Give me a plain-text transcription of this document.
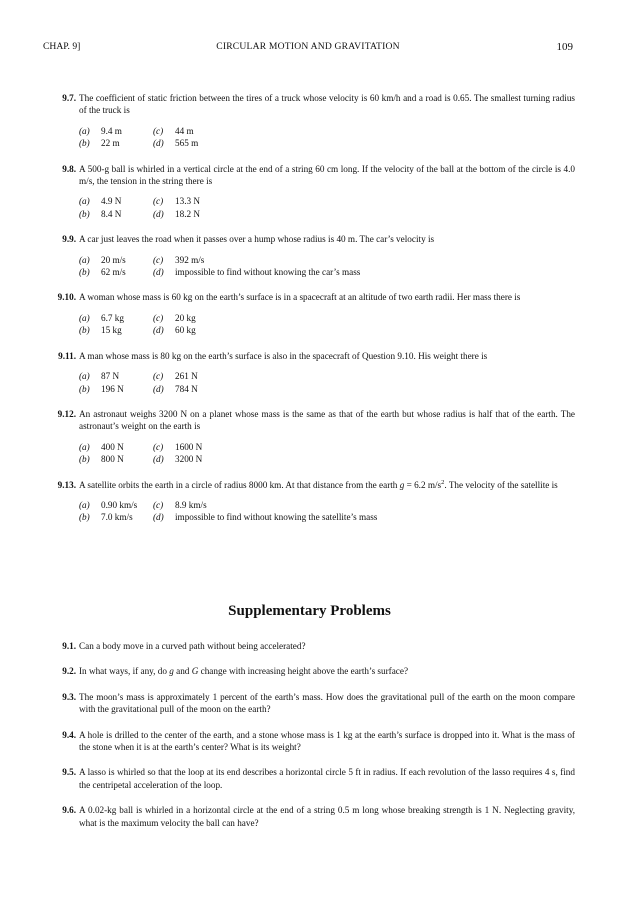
CHAP. 9]	CIRCULAR MOTION AND GRAVITATION	109
9.7. The coefficient of static friction between the tires of a truck whose velocity is 60 km/h and a road is 0.65. The smallest turning radius of the truck is
(a) 9.4 m	(c) 44 m
(b) 22 m	(d) 565 m
9.8. A 500-g ball is whirled in a vertical circle at the end of a string 60 cm long. If the velocity of the ball at the bottom of the circle is 4.0 m/s, the tension in the string there is
(a) 4.9 N	(c) 13.3 N
(b) 8.4 N	(d) 18.2 N
9.9. A car just leaves the road when it passes over a hump whose radius is 40 m. The car’s velocity is
(a) 20 m/s	(c) 392 m/s
(b) 62 m/s	(d) impossible to find without knowing the car’s mass
9.10. A woman whose mass is 60 kg on the earth’s surface is in a spacecraft at an altitude of two earth radii. Her mass there is
(a) 6.7 kg	(c) 20 kg
(b) 15 kg	(d) 60 kg
9.11. A man whose mass is 80 kg on the earth’s surface is also in the spacecraft of Question 9.10. His weight there is
(a) 87 N	(c) 261 N
(b) 196 N	(d) 784 N
9.12. An astronaut weighs 3200 N on a planet whose mass is the same as that of the earth but whose radius is half that of the earth. The astronaut’s weight on the earth is
(a) 400 N	(c) 1600 N
(b) 800 N	(d) 3200 N
9.13. A satellite orbits the earth in a circle of radius 8000 km. At that distance from the earth g = 6.2 $m/s^2$. The velocity of the satellite is
(a) 0.90 km/s	(c) 8.9 km/s
(b) 7.0 km/s	(d) impossible to find without knowing the satellite’s mass
Supplementary Problems
9.1. Can a body move in a curved path without being accelerated?
9.2. In what ways, if any, do g and G change with increasing height above the earth’s surface?
9.3. The moon’s mass is approximately 1 percent of the earth’s mass. How does the gravitational pull of the earth on the moon compare with the gravitational pull of the moon on the earth?
9.4. A hole is drilled to the center of the earth, and a stone whose mass is 1 kg at the earth’s surface is dropped into it. What is the mass of the stone when it is at the earth’s center? What is its weight?
9.5. A lasso is whirled so that the loop at its end describes a horizontal circle 5 ft in radius. If each revolution of the lasso requires 4 s, find the centripetal acceleration of the loop.
9.6. A 0.02-kg ball is whirled in a horizontal circle at the end of a string 0.5 m long whose breaking strength is 1 N. Neglecting gravity, what is the maximum velocity the ball can have?
